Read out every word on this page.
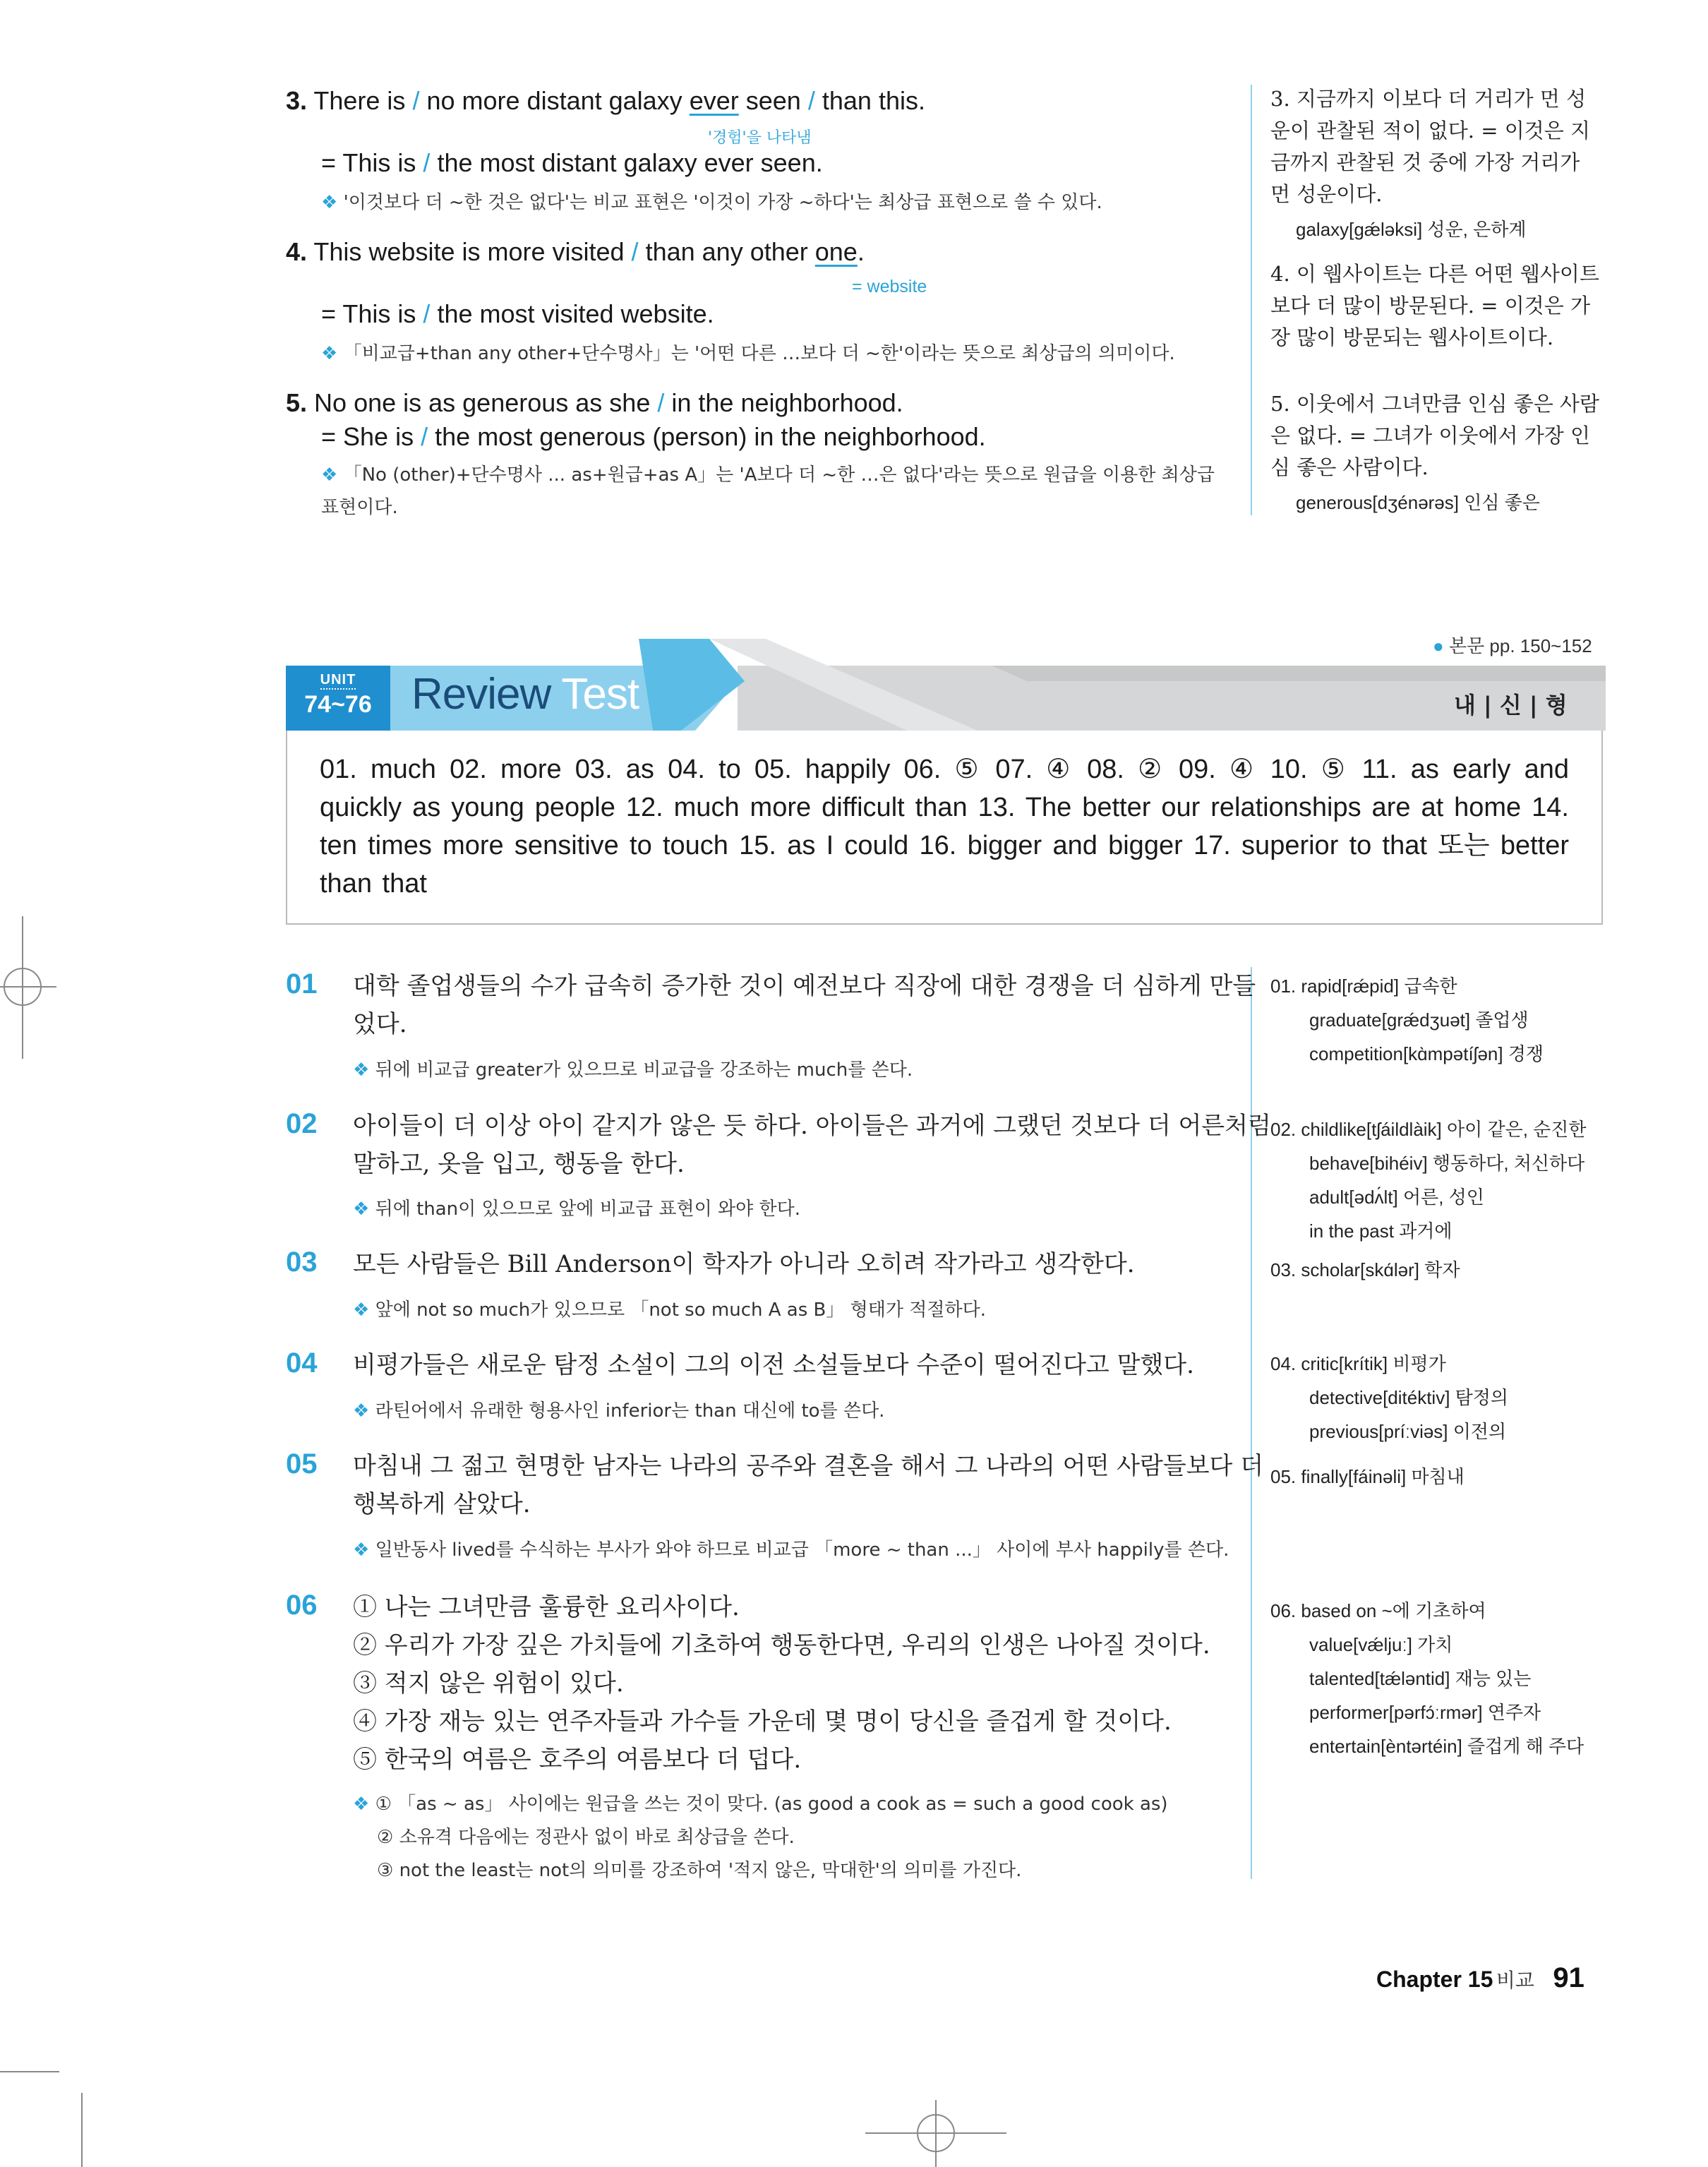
3. There is / no more distant galaxy ever seen / than this.
'경험'을 나타냄
= This is / the most distant galaxy ever seen.
❖ '이것보다 더 ~한 것은 없다'는 비교 표현은 '이것이 가장 ~하다'는 최상급 표현으로 쓸 수 있다.
4. This website is more visited / than any other one.
= website
= This is / the most visited website.
❖ 「비교급+than any other+단수명사」는 '어떤 다른 …보다 더 ~한'이라는 뜻으로 최상급의 의미이다.
5. No one is as generous as she / in the neighborhood.
= She is / the most generous (person) in the neighborhood.
❖ 「No (other)+단수명사 ... as+원급+as A」는 'A보다 더 ~한 …은 없다'라는 뜻으로 원급을 이용한 최상급 표현이다.
3. 지금까지 이보다 더 거리가 먼 성운이 관찰된 적이 없다. = 이것은 지금까지 관찰된 것 중에 가장 거리가 먼 성운이다.
galaxy[gǽləksi] 성운, 은하계
4. 이 웹사이트는 다른 어떤 웹사이트보다 더 많이 방문된다. = 이것은 가장 많이 방문되는 웹사이트이다.
5. 이웃에서 그녀만큼 인심 좋은 사람은 없다. = 그녀가 이웃에서 가장 인심 좋은 사람이다.
generous[dʒénərəs] 인심 좋은
● 본문 pp. 150~152
UNIT
74~76 Review Test	내 | 신 | 형
01. much 02. more 03. as 04. to 05. happily 06. ⑤ 07. ④ 08. ② 09. ④ 10. ⑤ 11. as early and quickly as young people 12. much more difficult than 13. The better our relationships are at home 14. ten times more sensitive to touch 15. as I could 16. bigger and bigger 17. superior to that 또는 better than that
01 대학 졸업생들의 수가 급속히 증가한 것이 예전보다 직장에 대한 경쟁을 더 심하게 만들
었다.
❖ 뒤에 비교급 greater가 있으므로 비교급을 강조하는 much를 쓴다.
01. rapid[rǽpid] 급속한
graduate[grǽdʒuət] 졸업생
competition[kɑ̀mpətíʃən] 경쟁
02 아이들이 더 이상 아이 같지가 않은 듯 하다. 아이들은 과거에 그랬던 것보다 더 어른처럼
말하고, 옷을 입고, 행동을 한다.
❖ 뒤에 than이 있으므로 앞에 비교급 표현이 와야 한다.
02. childlike[tʃáildlàik] 아이 같은, 순진한
behave[bihéiv] 행동하다, 처신하다
adult[ədʌ́lt] 어른, 성인
in the past 과거에
03 모든 사람들은 Bill Anderson이 학자가 아니라 오히려 작가라고 생각한다.
❖ 앞에 not so much가 있으므로 「not so much A as B」 형태가 적절하다.
03. scholar[skɑ́lər] 학자
04 비평가들은 새로운 탐정 소설이 그의 이전 소설들보다 수준이 떨어진다고 말했다.
❖ 라틴어에서 유래한 형용사인 inferior는 than 대신에 to를 쓴다.
04. critic[krítik] 비평가
detective[ditéktiv] 탐정의
previous[príːviəs] 이전의
05 마침내 그 젊고 현명한 남자는 나라의 공주와 결혼을 해서 그 나라의 어떤 사람들보다 더
행복하게 살았다.
❖ 일반동사 lived를 수식하는 부사가 와야 하므로 비교급 「more ~ than ...」 사이에 부사 happily를 쓴다.
05. finally[fáinəli] 마침내
06 ① 나는 그녀만큼 훌륭한 요리사이다.
② 우리가 가장 깊은 가치들에 기초하여 행동한다면, 우리의 인생은 나아질 것이다.
③ 적지 않은 위험이 있다.
④ 가장 재능 있는 연주자들과 가수들 가운데 몇 명이 당신을 즐겁게 할 것이다.
⑤ 한국의 여름은 호주의 여름보다 더 덥다.
❖ ① 「as ~ as」 사이에는 원급을 쓰는 것이 맞다. (as good a cook as = such a good cook as)
② 소유격 다음에는 정관사 없이 바로 최상급을 쓴다.
③ not the least는 not의 의미를 강조하여 '적지 않은, 막대한'의 의미를 가진다.
06. based on ~에 기초하여
value[vǽljuː] 가치
talented[tǽləntid] 재능 있는
performer[pərfɔ́ːrmər] 연주자
entertain[èntərtéin] 즐겁게 해 주다
Chapter 15 비교 91
